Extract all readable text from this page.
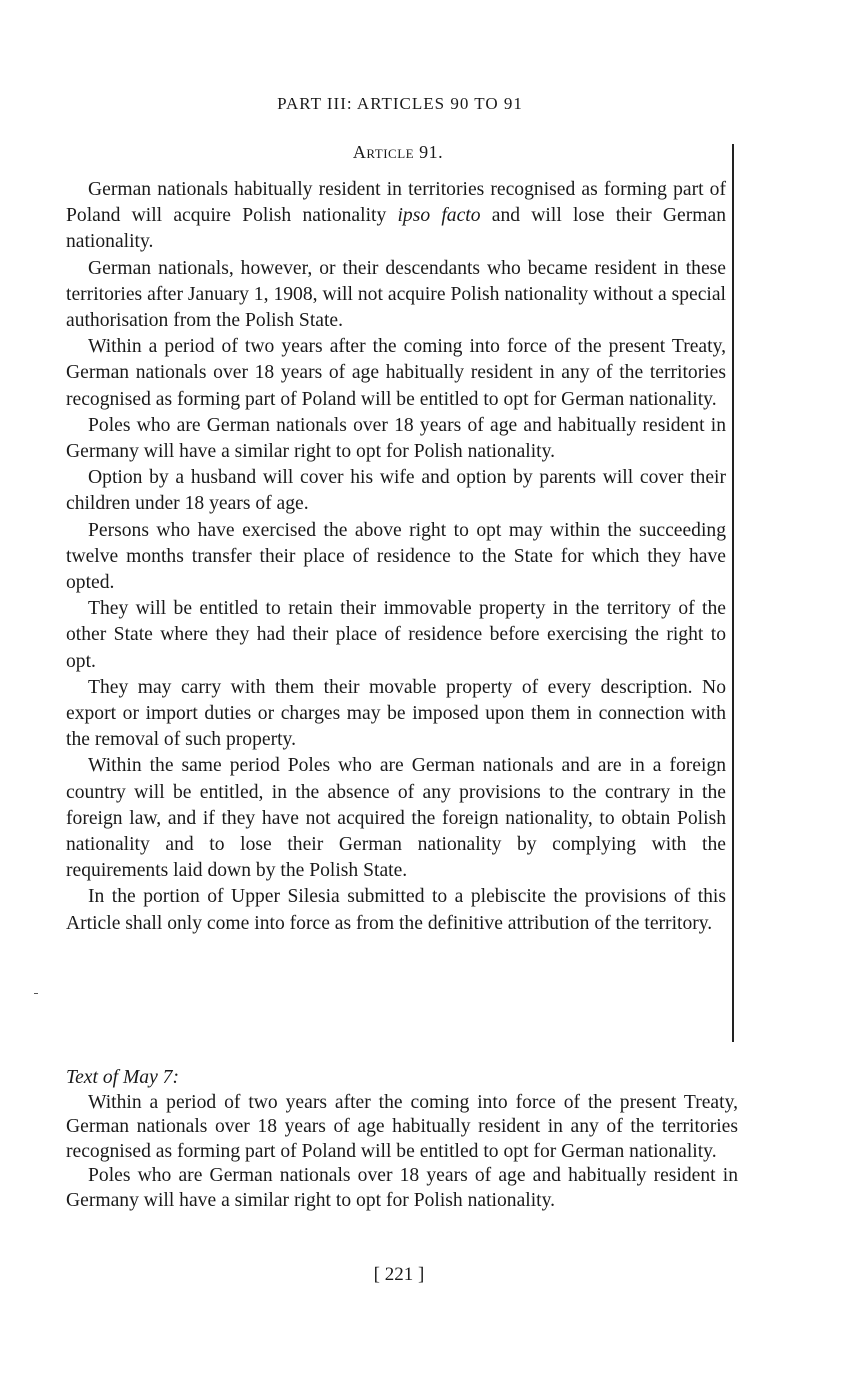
PART III: ARTICLES 90 TO 91
Article 91.

German nationals habitually resident in territories recognised as forming part of Poland will acquire Polish nationality ipso facto and will lose their German nationality.

German nationals, however, or their descendants who became resident in these territories after January 1, 1908, will not acquire Polish nationality without a special authorisation from the Polish State.

Within a period of two years after the coming into force of the present Treaty, German nationals over 18 years of age habitually resident in any of the territories recognised as forming part of Poland will be entitled to opt for German nationality.

Poles who are German nationals over 18 years of age and habitually resident in Germany will have a similar right to opt for Polish nationality.

Option by a husband will cover his wife and option by parents will cover their children under 18 years of age.

Persons who have exercised the above right to opt may within the succeeding twelve months transfer their place of residence to the State for which they have opted.

They will be entitled to retain their immovable property in the territory of the other State where they had their place of residence before exercising the right to opt.

They may carry with them their movable property of every description. No export or import duties or charges may be imposed upon them in connection with the removal of such property.

Within the same period Poles who are German nationals and are in a foreign country will be entitled, in the absence of any provisions to the contrary in the foreign law, and if they have not acquired the foreign nationality, to obtain Polish nationality and to lose their German nationality by complying with the requirements laid down by the Polish State.

In the portion of Upper Silesia submitted to a plebiscite the provisions of this Article shall only come into force as from the definitive attribution of the territory.

Text of May 7:

Within a period of two years after the coming into force of the present Treaty, German nationals over 18 years of age habitually resident in any of the territories recognised as forming part of Poland will be entitled to opt for German nationality.

Poles who are German nationals over 18 years of age and habitually resident in Germany will have a similar right to opt for Polish nationality.

[ 221 ]
